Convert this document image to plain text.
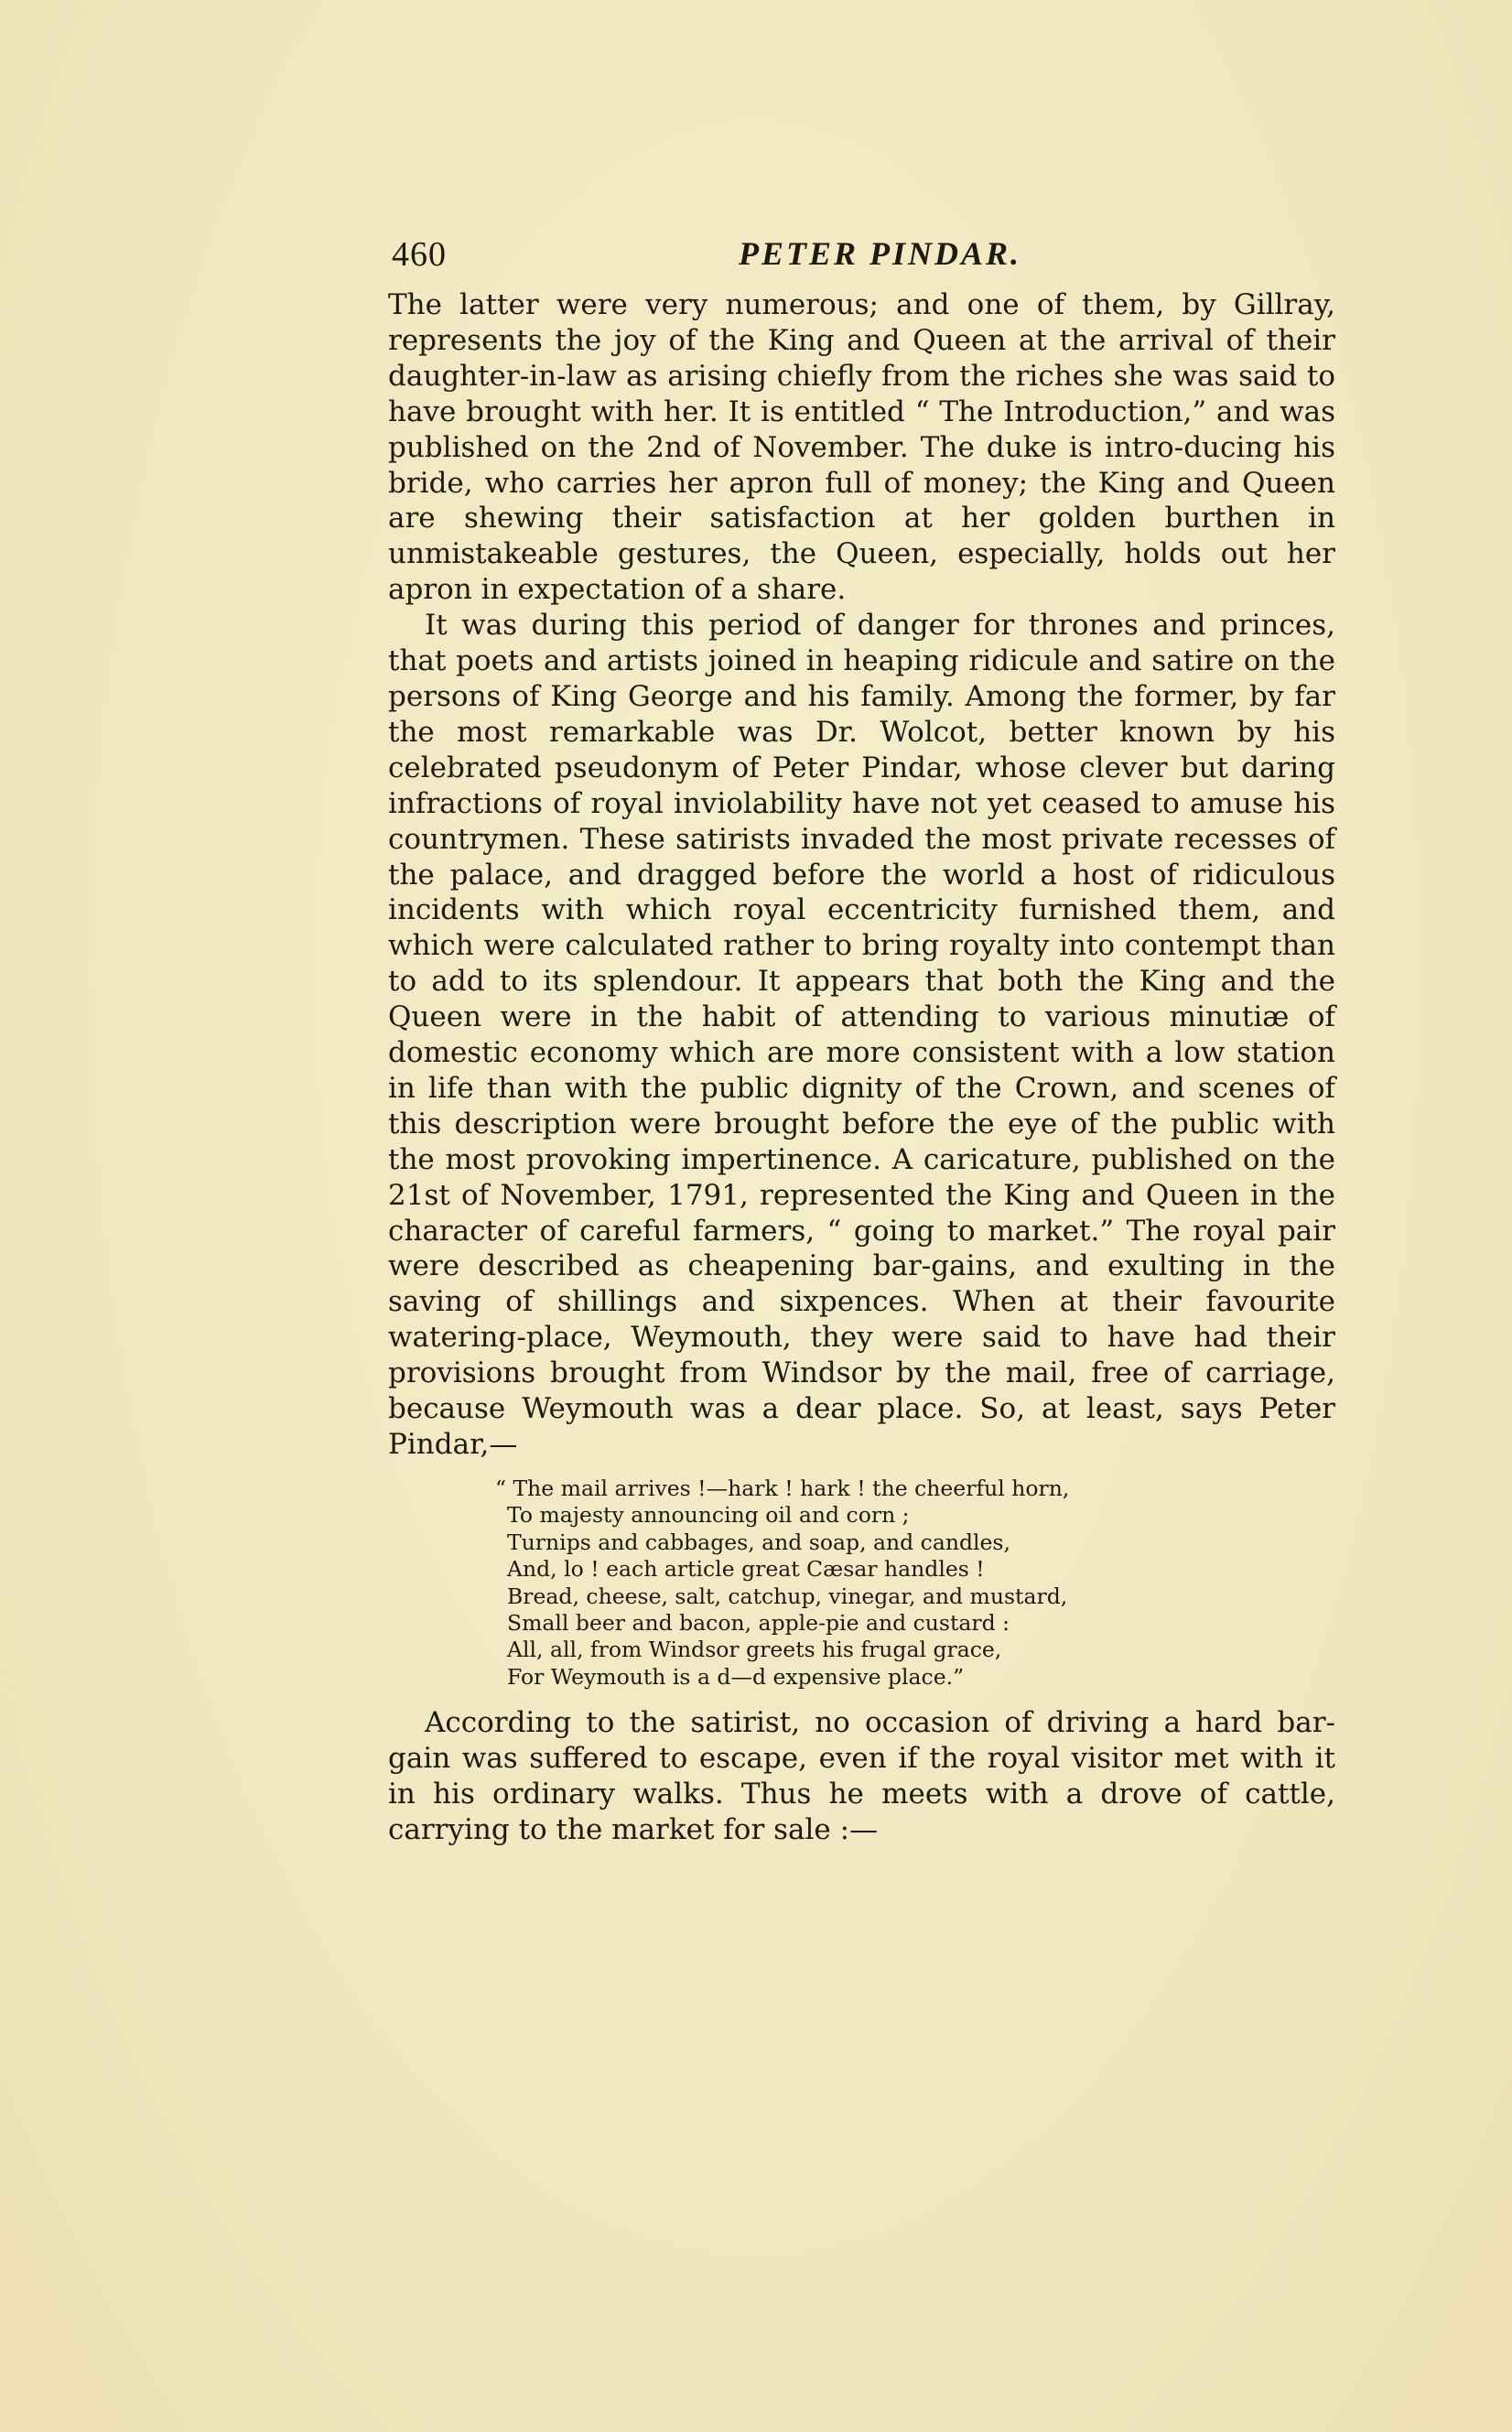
460	PETER PINDAR.

The latter were very numerous; and one of them, by Gillray, represents the joy of the King and Queen at the arrival of their daughter-in-law as arising chiefly from the riches she was said to have brought with her. It is entitled “ The Introduction,” and was published on the 2nd of November. The duke is intro-ducing his bride, who carries her apron full of money; the King and Queen are shewing their satisfaction at her golden burthen in unmistakeable gestures, the Queen, especially, holds out her apron in expectation of a share.

It was during this period of danger for thrones and princes, that poets and artists joined in heaping ridicule and satire on the persons of King George and his family. Among the former, by far the most remarkable was Dr. Wolcot, better known by his celebrated pseudonym of Peter Pindar, whose clever but daring infractions of royal inviolability have not yet ceased to amuse his countrymen. These satirists invaded the most private recesses of the palace, and dragged before the world a host of ridiculous incidents with which royal eccentricity furnished them, and which were calculated rather to bring royalty into contempt than to add to its splendour. It appears that both the King and the Queen were in the habit of attending to various minutiæ of domestic economy which are more consistent with a low station in life than with the public dignity of the Crown, and scenes of this description were brought before the eye of the public with the most provoking impertinence. A caricature, published on the 21st of November, 1791, represented the King and Queen in the character of careful farmers, “ going to market.” The royal pair were described as cheapening bar-gains, and exulting in the saving of shillings and sixpences. When at their favourite watering-place, Weymouth, they were said to have had their provisions brought from Windsor by the mail, free of carriage, because Weymouth was a dear place. So, at least, says Peter Pindar,—

“ The mail arrives !—hark ! hark ! the cheerful horn,
To majesty announcing oil and corn ;
Turnips and cabbages, and soap, and candles,
And, lo ! each article great Cæsar handles !
Bread, cheese, salt, catchup, vinegar, and mustard,
Small beer and bacon, apple-pie and custard :
All, all, from Windsor greets his frugal grace,
For Weymouth is a d—d expensive place.”

According to the satirist, no occasion of driving a hard bar-gain was suffered to escape, even if the royal visitor met with it in his ordinary walks. Thus he meets with a drove of cattle, carrying to the market for sale :—
